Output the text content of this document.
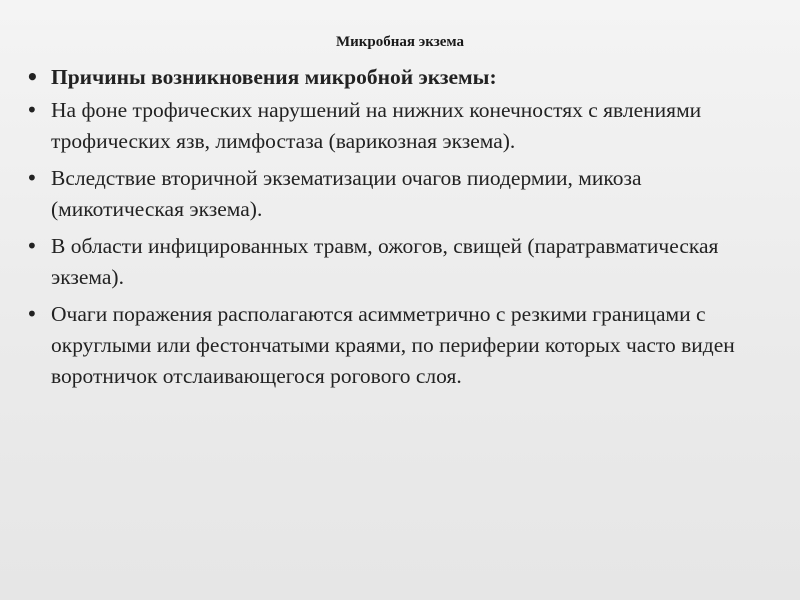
Микробная экзема
• Причины возникновения микробной экземы:
• На фоне трофических нарушений на нижних конечностях с явлениями трофических язв, лимфостаза (варикозная экзема).
• Вследствие вторичной экзематизации очагов пиодермии, микоза (микотическая экзема).
• В области инфицированных травм, ожогов, свищей (паратравматическая экзема).
• Очаги поражения располагаются асимметрично с резкими границами с округлыми или фестончатыми краями, по периферии которых часто виден воротничок отслаивающегося рогового слоя.
